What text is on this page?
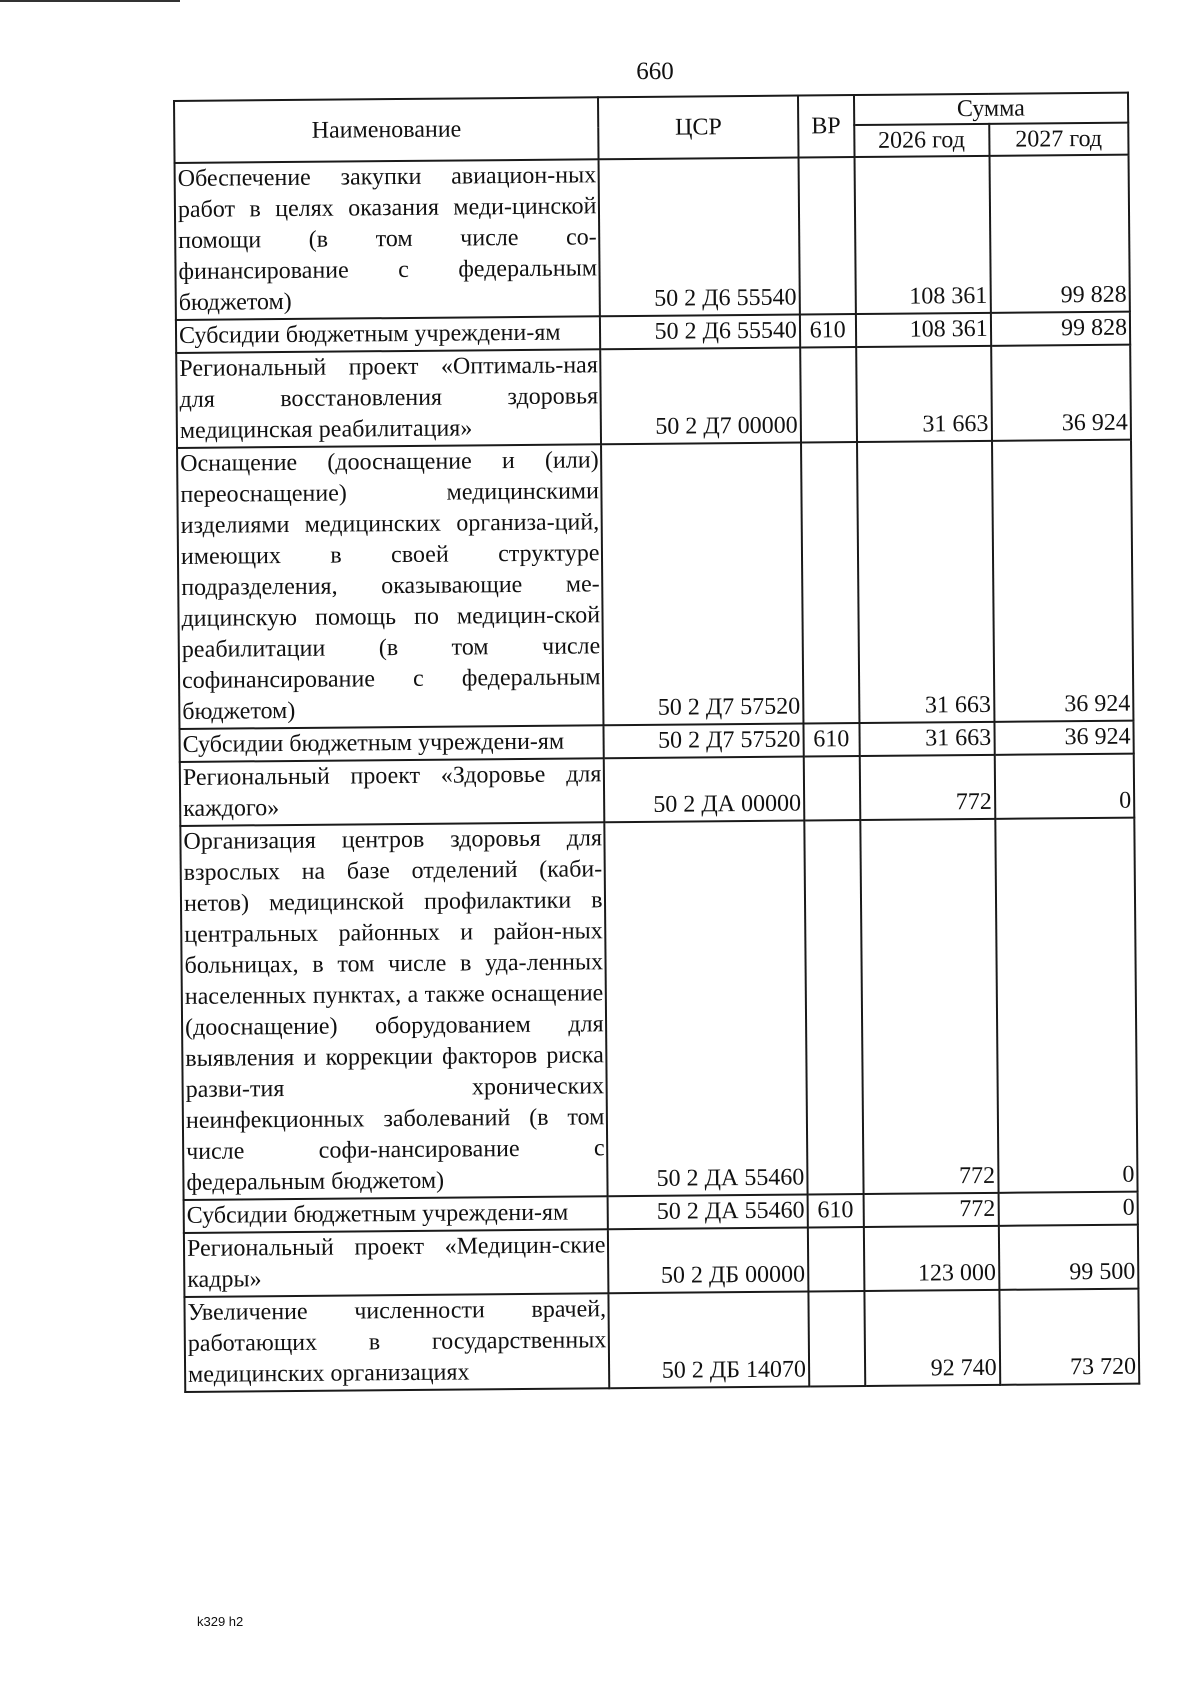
660
Наименование	ЦСР	ВР	Сумма	
			2026 год	2027 год
Обеспечение закупки авиацион-ных работ в целях оказания меди-цинской помощи (в том числе со-финансирование с федеральным бюджетом)	50 2 Д6 55540		108 361	99 828
Субсидии бюджетным учреждени-ям	50 2 Д6 55540	610	108 361	99 828
Региональный проект «Оптималь-ная для восстановления здоровья медицинская реабилитация»	50 2 Д7 00000		31 663	36 924
Оснащение (дооснащение и (или) переоснащение) медицинскими изделиями медицинских организа-ций, имеющих в своей структуре подразделения, оказывающие ме-дицинскую помощь по медицин-ской реабилитации (в том числе софинансирование с федеральным бюджетом)	50 2 Д7 57520		31 663	36 924
Субсидии бюджетным учреждени-ям	50 2 Д7 57520	610	31 663	36 924
Региональный проект «Здоровье для каждого»	50 2 ДА 00000		772	0
Организация центров здоровья для взрослых на базе отделений (каби-нетов) медицинской профилактики в центральных районных и район-ных больницах, в том числе в уда-ленных населенных пунктах, а также оснащение (дооснащение) оборудованием для выявления и коррекции факторов риска разви-тия хронических неинфекционных заболеваний (в том числе софи-нансирование с федеральным бюджетом)	50 2 ДА 55460		772	0
Субсидии бюджетным учреждени-ям	50 2 ДА 55460	610	772	0
Региональный проект «Медицин-ские кадры»	50 2 ДБ 00000		123 000	99 500
Увеличение численности врачей, работающих в государственных медицинских организациях	50 2 ДБ 14070		92 740	73 720
k329 h2
